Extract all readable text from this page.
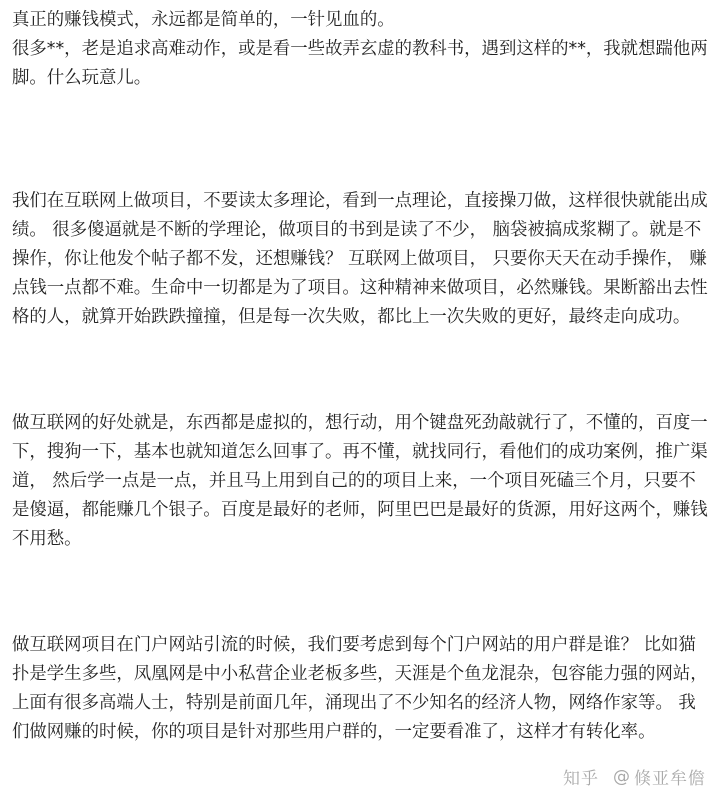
真正的赚钱模式，永远都是简单的，一针见血的。

很多**，老是追求高难动作，或是看一些故弄玄虚的教科书，遇到这样的**，我就想踹他两脚。什么玩意儿。

我们在互联网上做项目，不要读太多理论，看到一点理论，直接操刀做，这样很快就能出成绩。 很多傻逼就是不断的学理论，做项目的书到是读了不少， 脑袋被搞成浆糊了。就是不操作，你让他发个帖子都不发，还想赚钱？ 互联网上做项目， 只要你天天在动手操作， 赚点钱一点都不难。生命中一切都是为了项目。这种精神来做项目，必然赚钱。果断豁出去性格的人，就算开始跌跌撞撞，但是每一次失败，都比上一次失败的更好，最终走向成功。

做互联网的好处就是，东西都是虚拟的，想行动，用个键盘死劲敲就行了，不懂的，百度一下，搜狗一下，基本也就知道怎么回事了。再不懂，就找同行，看他们的成功案例，推广渠道， 然后学一点是一点，并且马上用到自己的的项目上来，一个项目死磕三个月，只要不是傻逼，都能赚几个银子。百度是最好的老师，阿里巴巴是最好的货源，用好这两个，赚钱不用愁。

做互联网项目在门户网站引流的时候，我们要考虑到每个门户网站的用户群是谁？ 比如猫扑是学生多些，凤凰网是中小私营企业老板多些，天涯是个鱼龙混杂，包容能力强的网站，上面有很多高端人士，特别是前面几年，涌现出了不少知名的经济人物，网络作家等。 我们做网赚的时候，你的项目是针对那些用户群的，一定要看准了，这样才有转化率。

知乎 @ 倏亚牟儋
